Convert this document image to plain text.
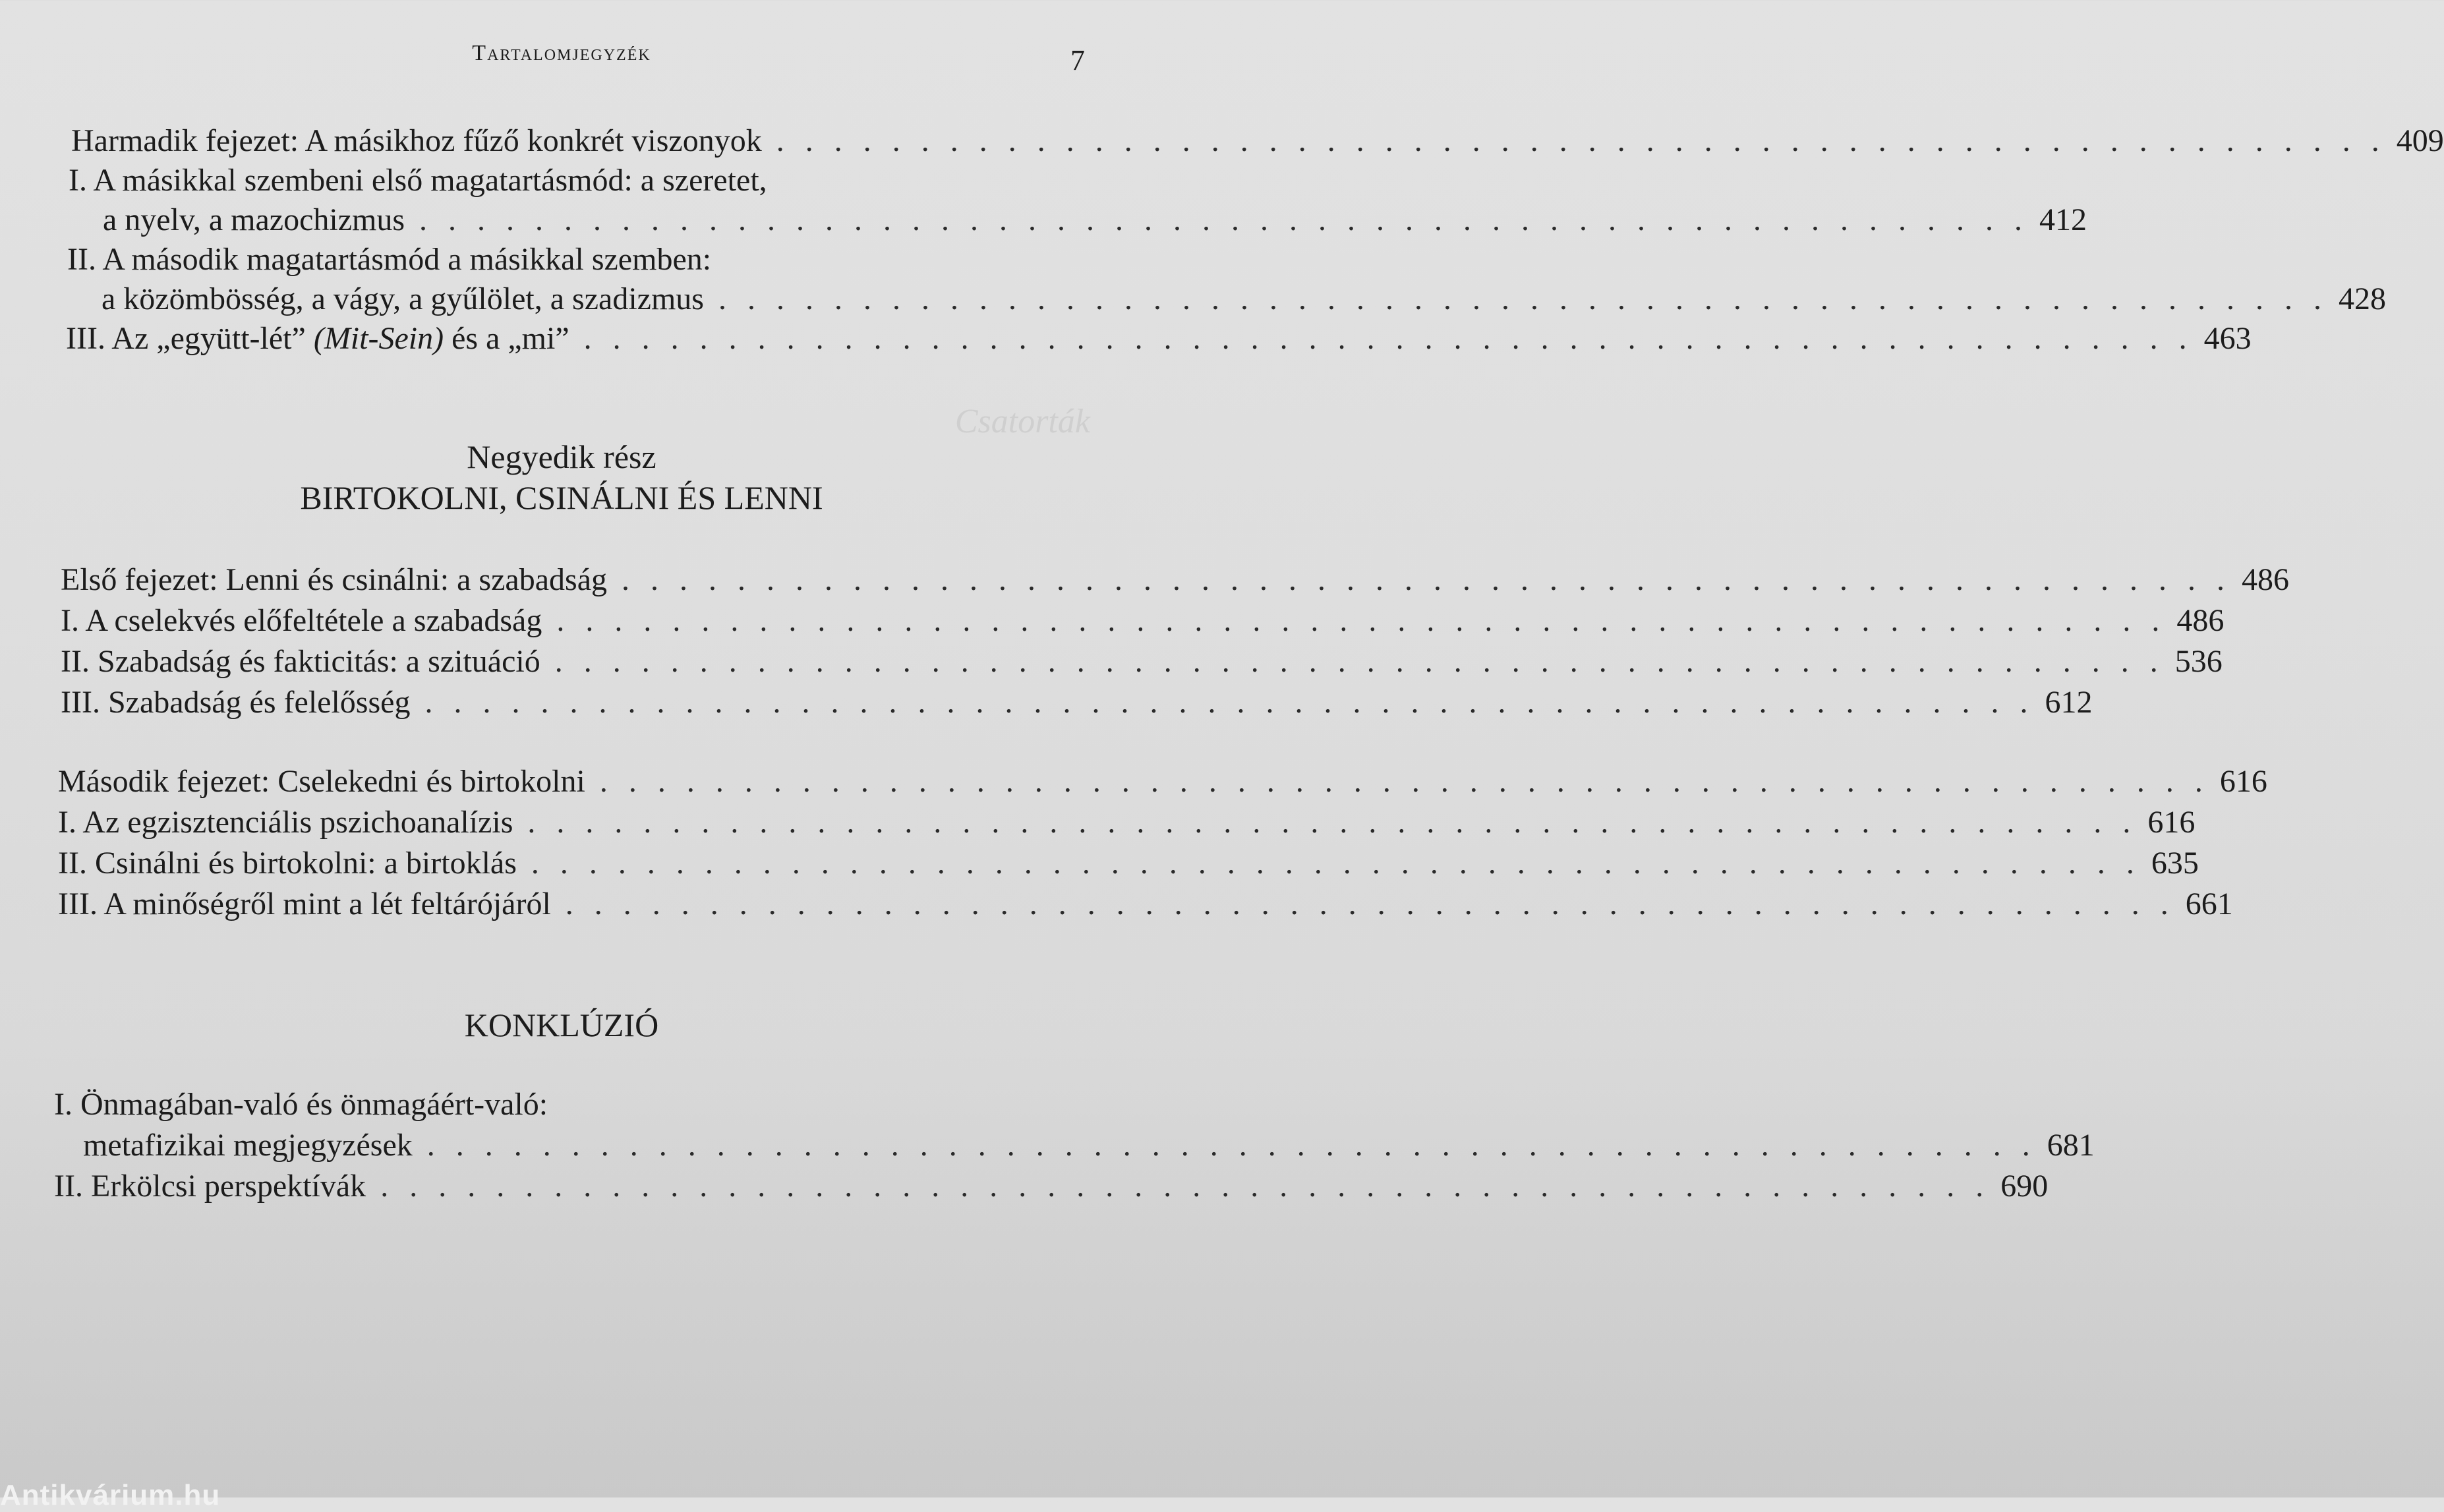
Tartalomjegyzék	7
Harmadik fejezet: A másikhoz fűző konkrét viszonyok . . . . . . . . . . . . . . . . . . . . . . . . . . . . . . . . . . . . . . . . . . . . . . . . . . . . . . . . 409
I. A másikkal szembeni első magatartásmód: a szeretet,
a nyelv, a mazochizmus . . . . . . . . . . . . . . . . . . . . . . . . . . . . . . . . . . . . . . . . . . . . . . . . . . . . . . . . 412
II. A második magatartásmód a másikkal szemben:
a közömbösség, a vágy, a gyűlölet, a szadizmus . . . . . . . . . . . . . . . . . . . . . . . . . . . . . . . . . . . . . . . . . . . . . . . . . . . . . . . . 428
III. Az „együtt-lét” (Mit-Sein) és a „mi” . . . . . . . . . . . . . . . . . . . . . . . . . . . . . . . . . . . . . . . . . . . . . . . . . . . . . . . . 463
Csatorták
Negyedik rész
BIRTOKOLNI, CSINÁLNI ÉS LENNI
Első fejezet: Lenni és csinálni: a szabadság . . . . . . . . . . . . . . . . . . . . . . . . . . . . . . . . . . . . . . . . . . . . . . . . . . . . . . . . 486
I. A cselekvés előfeltétele a szabadság . . . . . . . . . . . . . . . . . . . . . . . . . . . . . . . . . . . . . . . . . . . . . . . . . . . . . . . . 486
II. Szabadság és fakticitás: a szituáció . . . . . . . . . . . . . . . . . . . . . . . . . . . . . . . . . . . . . . . . . . . . . . . . . . . . . . . . 536
III. Szabadság és felelősség . . . . . . . . . . . . . . . . . . . . . . . . . . . . . . . . . . . . . . . . . . . . . . . . . . . . . . . . 612
Második fejezet: Cselekedni és birtokolni . . . . . . . . . . . . . . . . . . . . . . . . . . . . . . . . . . . . . . . . . . . . . . . . . . . . . . . . 616
I. Az egzisztenciális pszichoanalízis . . . . . . . . . . . . . . . . . . . . . . . . . . . . . . . . . . . . . . . . . . . . . . . . . . . . . . . . 616
II. Csinálni és birtokolni: a birtoklás . . . . . . . . . . . . . . . . . . . . . . . . . . . . . . . . . . . . . . . . . . . . . . . . . . . . . . . . 635
III. A minőségről mint a lét feltárójáról . . . . . . . . . . . . . . . . . . . . . . . . . . . . . . . . . . . . . . . . . . . . . . . . . . . . . . . . 661
KONKLÚZIÓ
I. Önmagában-való és önmagáért-való:
metafizikai megjegyzések . . . . . . . . . . . . . . . . . . . . . . . . . . . . . . . . . . . . . . . . . . . . . . . . . . . . . . . . 681
II. Erkölcsi perspektívák . . . . . . . . . . . . . . . . . . . . . . . . . . . . . . . . . . . . . . . . . . . . . . . . . . . . . . . . 690
Antikvárium.hu
